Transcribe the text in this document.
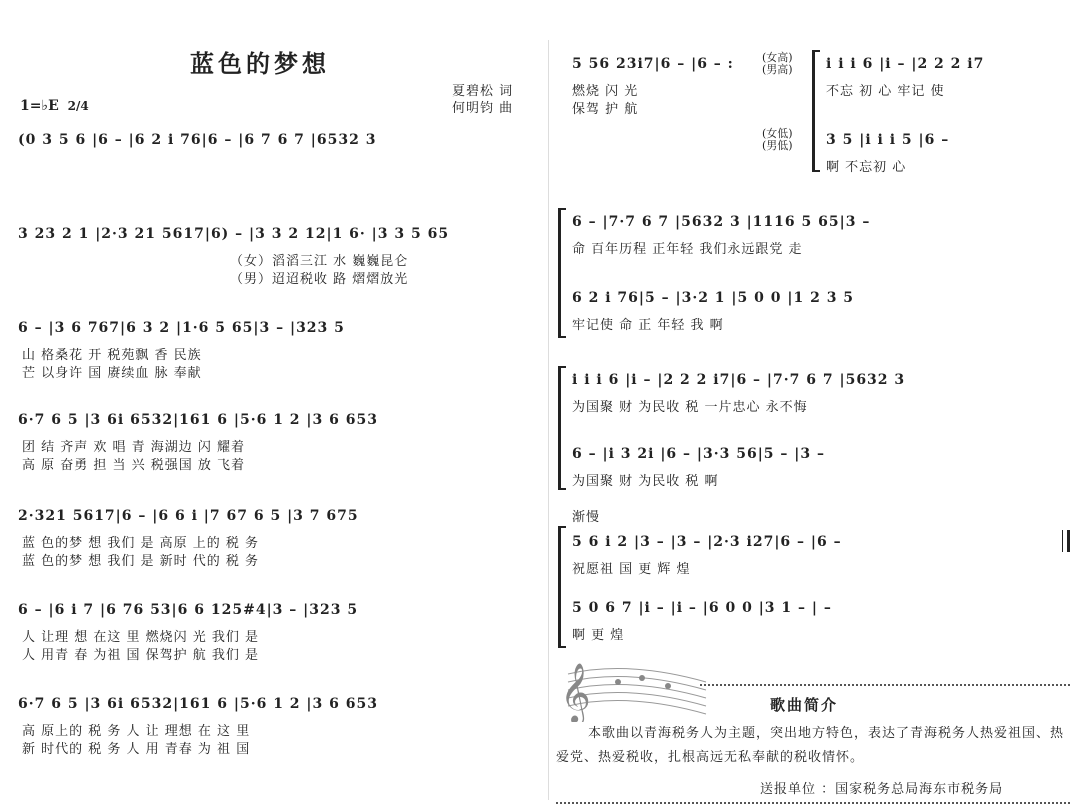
蓝色的梦想
夏碧松 词
何明钧 曲
1=♭E 2/4
(0 3 5 6 |6 – |6 2 i 76|6 – |6 7 6 7 |6532 3
3 23 2 1 |2·3 21 5617|6) – |3 3 2 12|1 6· |3 3 5 65
（女）滔滔三江 水 巍巍昆仑
（男）迢迢税收 路 熠熠放光
6 – |3 6 767|6 3 2 |1·6 5 65|3 – |323 5
山 格桑花 开 税苑飘 香 民族
芒 以身许 国 赓续血 脉 奉献
6·7 6 5 |3 6i 6532|161 6 |5·6 1 2 |3 6 653
团 结 齐声 欢 唱 青 海湖边 闪 耀着
高 原 奋勇 担 当 兴 税强国 放 飞着
2·321 5617|6 – |6 6 i |7 67 6 5 |3 7 675
蓝 色的梦 想 我们 是 高原 上的 税 务
蓝 色的梦 想 我们 是 新时 代的 税 务
6 – |6 i 7 |6 76 53|6 6 125#4|3 – |323 5
人 让理 想 在这 里 燃烧闪 光 我们 是
人 用青 春 为祖 国 保驾护 航 我们 是
6·7 6 5 |3 6i 6532|161 6 |5·6 1 2 |3 6 653
高 原上的 税 务 人 让 理想 在 这 里
新 时代的 税 务 人 用 青春 为 祖 国
5 56 23i7|6 – |6 – :
燃烧 闪 光
保驾 护 航
(女高)
(男高) i i i 6 |i – |2 2 2 i7
不忘 初 心 牢记 使
(女低)
(男低) 3 5 |i i i 5 |6 –
啊 不忘初 心
6 – |7·7 6 7 |5632 3 |1116 5 65|3 –
命 百年历程 正年轻 我们永远跟党 走
6 2 i 76|5 – |3·2 1 |5 0 0 |1 2 3 5
牢记使 命 正 年轻 我 啊
i i i 6 |i – |2 2 2 i7|6 – |7·7 6 7 |5632 3
为国聚 财 为民收 税 一片忠心 永不悔
6 – |i 3 2i |6 – |3·3 56|5 – |3 –
为国聚 财 为民收 税 啊
渐慢
5 6 i 2 |3 – |3 – |2·3 i27|6 – |6 –
祝愿祖 国 更 辉 煌
5 0 6 7 |i – |i – |6 0 0 |3 1 – | –
啊 更 煌
𝄞	歌曲简介
本歌曲以青海税务人为主题，突出地方特色，表达了青海税务人热爱祖国、热爱党、热爱税收，扎根高远无私奉献的税收情怀。
送报单位 ：国家税务总局海东市税务局
